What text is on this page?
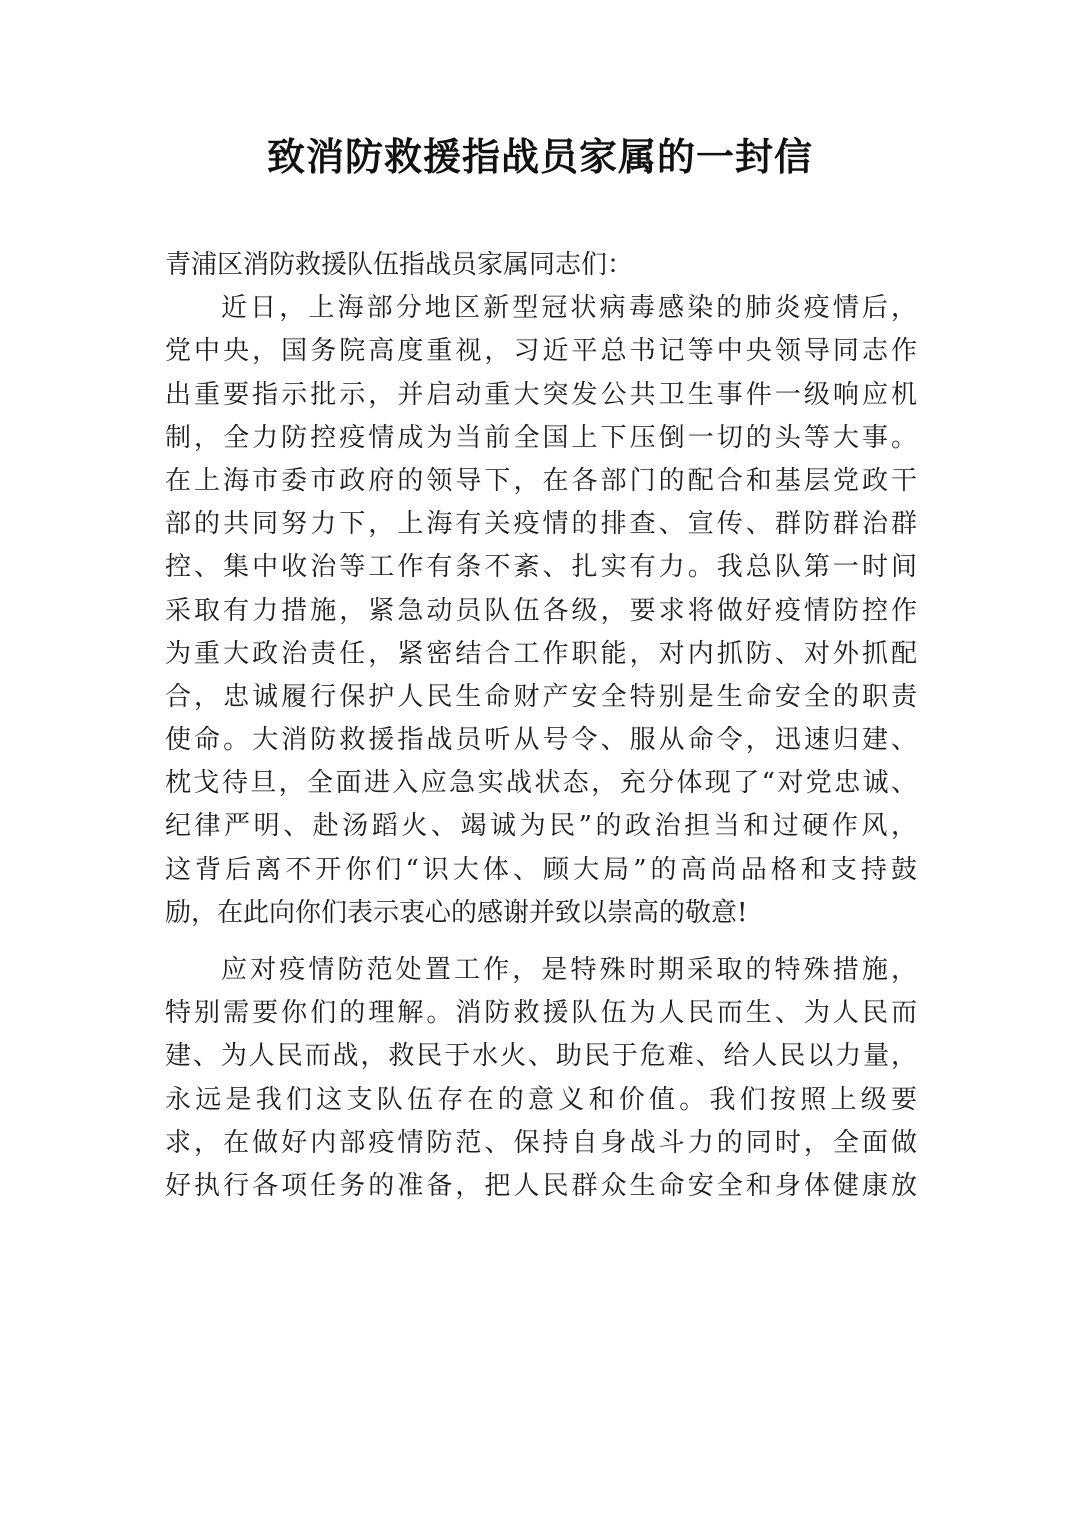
致消防救援指战员家属的一封信
青浦区消防救援队伍指战员家属同志们：
近日，上海部分地区新型冠状病毒感染的肺炎疫情后，
党中央，国务院高度重视，习近平总书记等中央领导同志作
出重要指示批示，并启动重大突发公共卫生事件一级响应机
制，全力防控疫情成为当前全国上下压倒一切的头等大事。
在上海市委市政府的领导下，在各部门的配合和基层党政干
部的共同努力下，上海有关疫情的排查、宣传、群防群治群
控、集中收治等工作有条不紊、扎实有力。我总队第一时间
采取有力措施，紧急动员队伍各级，要求将做好疫情防控作
为重大政治责任，紧密结合工作职能，对内抓防、对外抓配
合，忠诚履行保护人民生命财产安全特别是生命安全的职责
使命。大消防救援指战员听从号令、服从命令，迅速归建、
枕戈待旦，全面进入应急实战状态，充分体现了“对党忠诚、
纪律严明、赴汤蹈火、竭诚为民”的政治担当和过硬作风，
这背后离不开你们“识大体、顾大局”的高尚品格和支持鼓
励，在此向你们表示衷心的感谢并致以崇高的敬意!
应对疫情防范处置工作，是特殊时期采取的特殊措施，
特别需要你们的理解。消防救援队伍为人民而生、为人民而
建、为人民而战，救民于水火、助民于危难、给人民以力量，
永远是我们这支队伍存在的意义和价值。我们按照上级要
求，在做好内部疫情防范、保持自身战斗力的同时，全面做
好执行各项任务的准备，把人民群众生命安全和身体健康放
